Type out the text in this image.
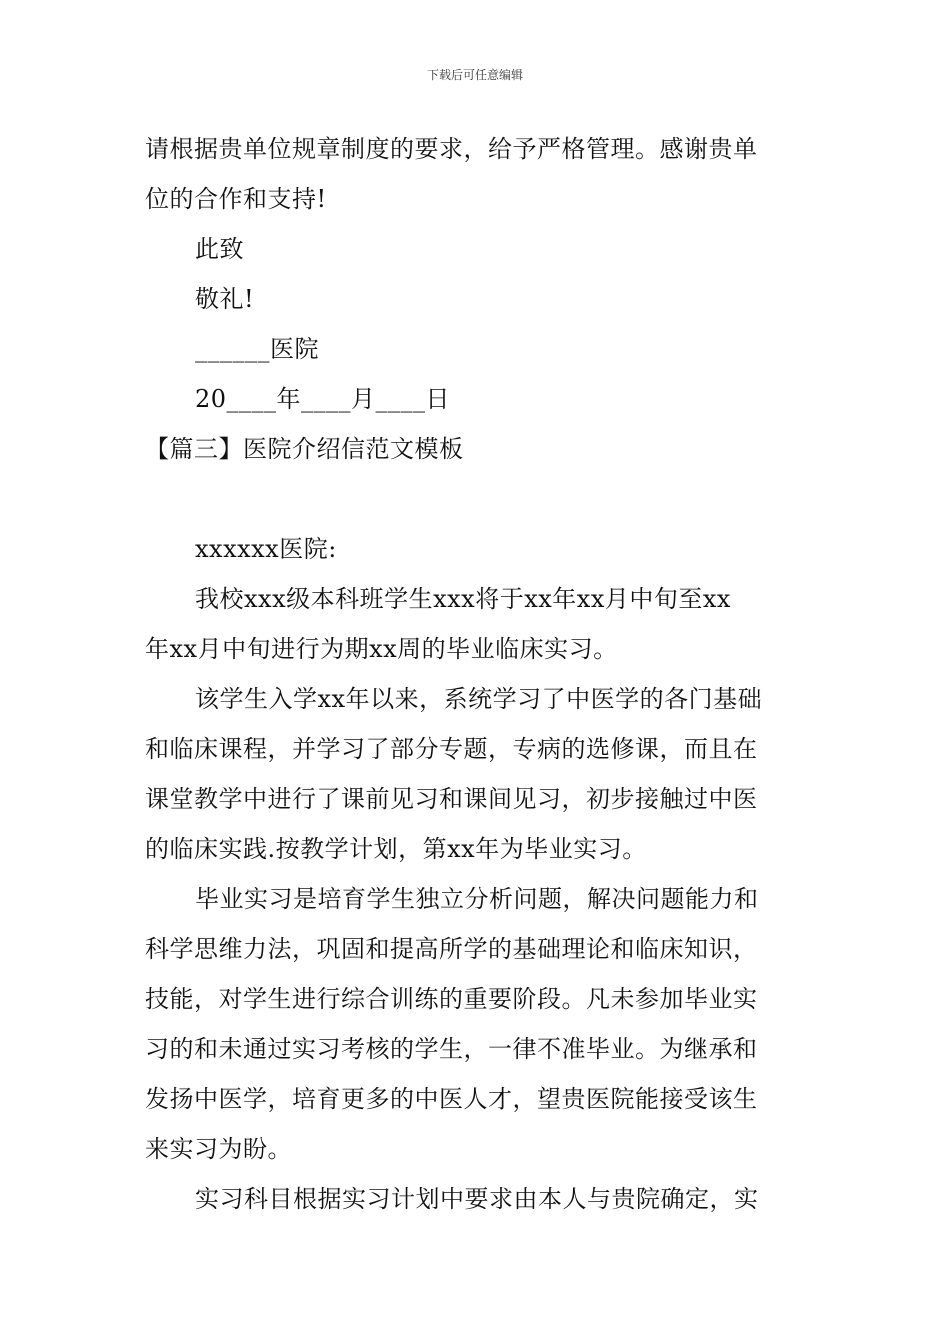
下载后可任意编辑
请根据贵单位规章制度的要求，给予严格管理。感谢贵单
位的合作和支持!
此致
敬礼!
______医院
20____年____月____日
【篇三】医院介绍信范文模板
xxxxxx医院:
我校xxx级本科班学生xxx将于xx年xx月中旬至xx
年xx月中旬进行为期xx周的毕业临床实习。
该学生入学xx年以来，系统学习了中医学的各门基础
和临床课程，并学习了部分专题，专病的选修课，而且在
课堂教学中进行了课前见习和课间见习，初步接触过中医
的临床实践.按教学计划，第xx年为毕业实习。
毕业实习是培育学生独立分析问题，解决问题能力和
科学思维力法，巩固和提高所学的基础理论和临床知识，
技能，对学生进行综合训练的重要阶段。凡未参加毕业实
习的和未通过实习考核的学生，一律不准毕业。为继承和
发扬中医学，培育更多的中医人才，望贵医院能接受该生
来实习为盼。
实习科目根据实习计划中要求由本人与贵院确定，实
